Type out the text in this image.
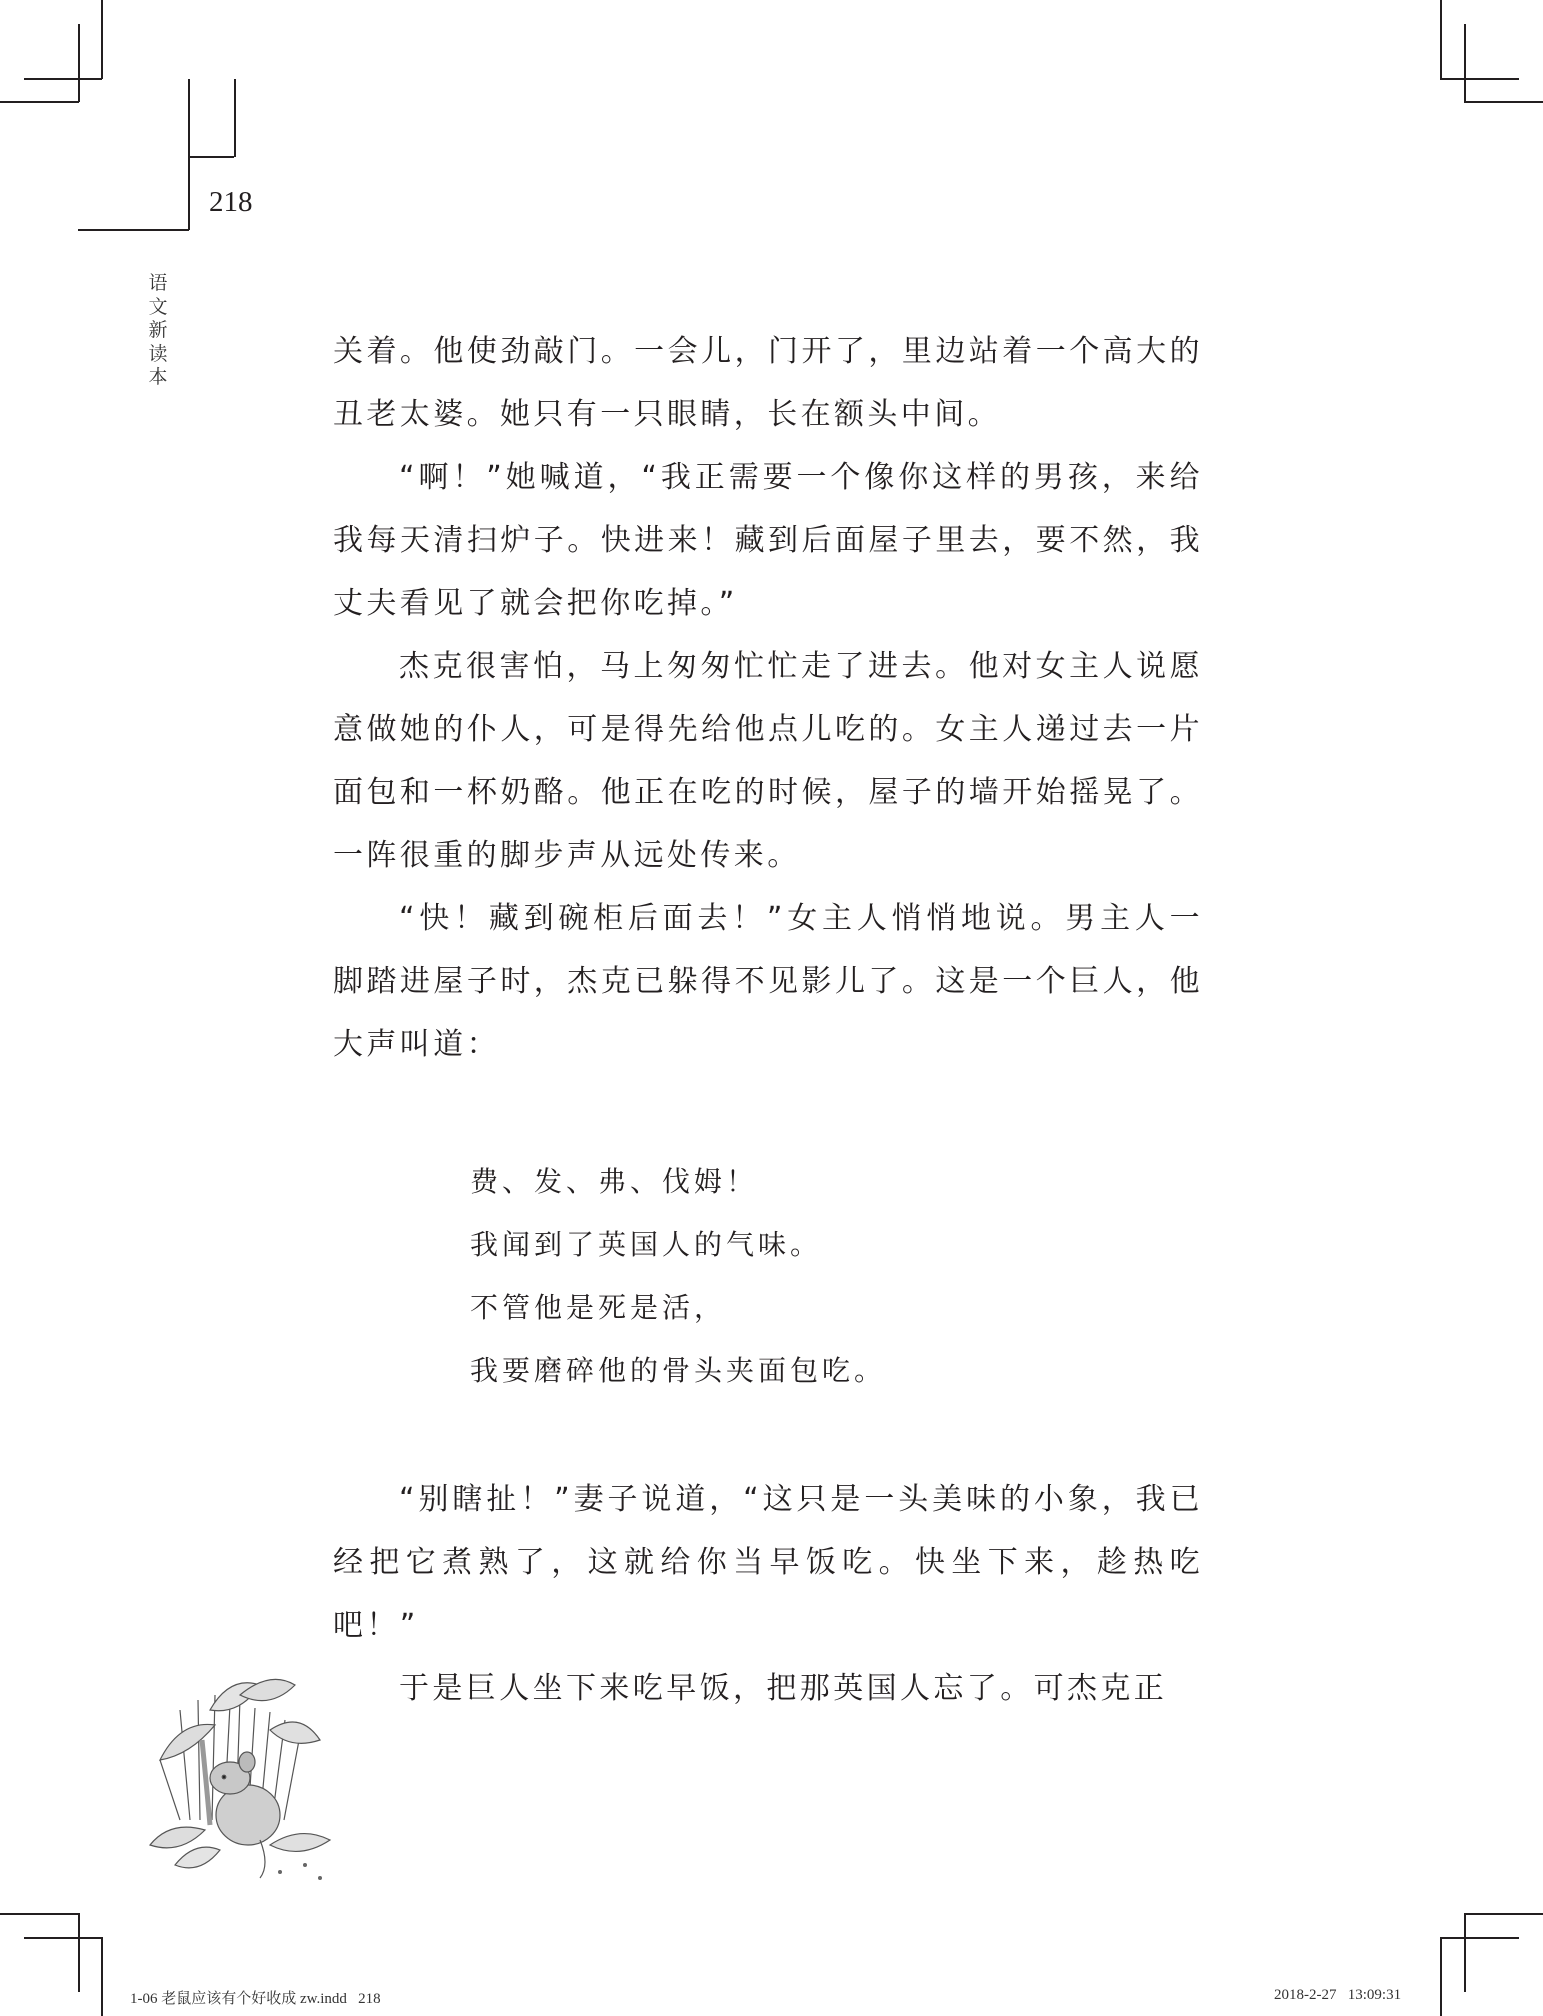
218
语文新读本

关着。他使劲敲门。一会儿，门开了，里边站着一个高大的丑老太婆。她只有一只眼睛，长在额头中间。

“啊！”她喊道，“我正需要一个像你这样的男孩，来给我每天清扫炉子。快进来！藏到后面屋子里去，要不然，我丈夫看见了就会把你吃掉。”

杰克很害怕，马上匆匆忙忙走了进去。他对女主人说愿意做她的仆人，可是得先给他点儿吃的。女主人递过去一片面包和一杯奶酪。他正在吃的时候，屋子的墙开始摇晃了。一阵很重的脚步声从远处传来。

“快！藏到碗柜后面去！”女主人悄悄地说。男主人一脚踏进屋子时，杰克已躲得不见影儿了。这是一个巨人，他大声叫道：

费、发、弗、伐姆！
我闻到了英国人的气味。
不管他是死是活，
我要磨碎他的骨头夹面包吃。

“别瞎扯！”妻子说道，“这只是一头美味的小象，我已经把它煮熟了，这就给你当早饭吃。快坐下来，趁热吃吧！”

于是巨人坐下来吃早饭，把那英国人忘了。可杰克正

1-06 老鼠应该有个好收成 zw.indd   218	2018-2-27   13:09:31
